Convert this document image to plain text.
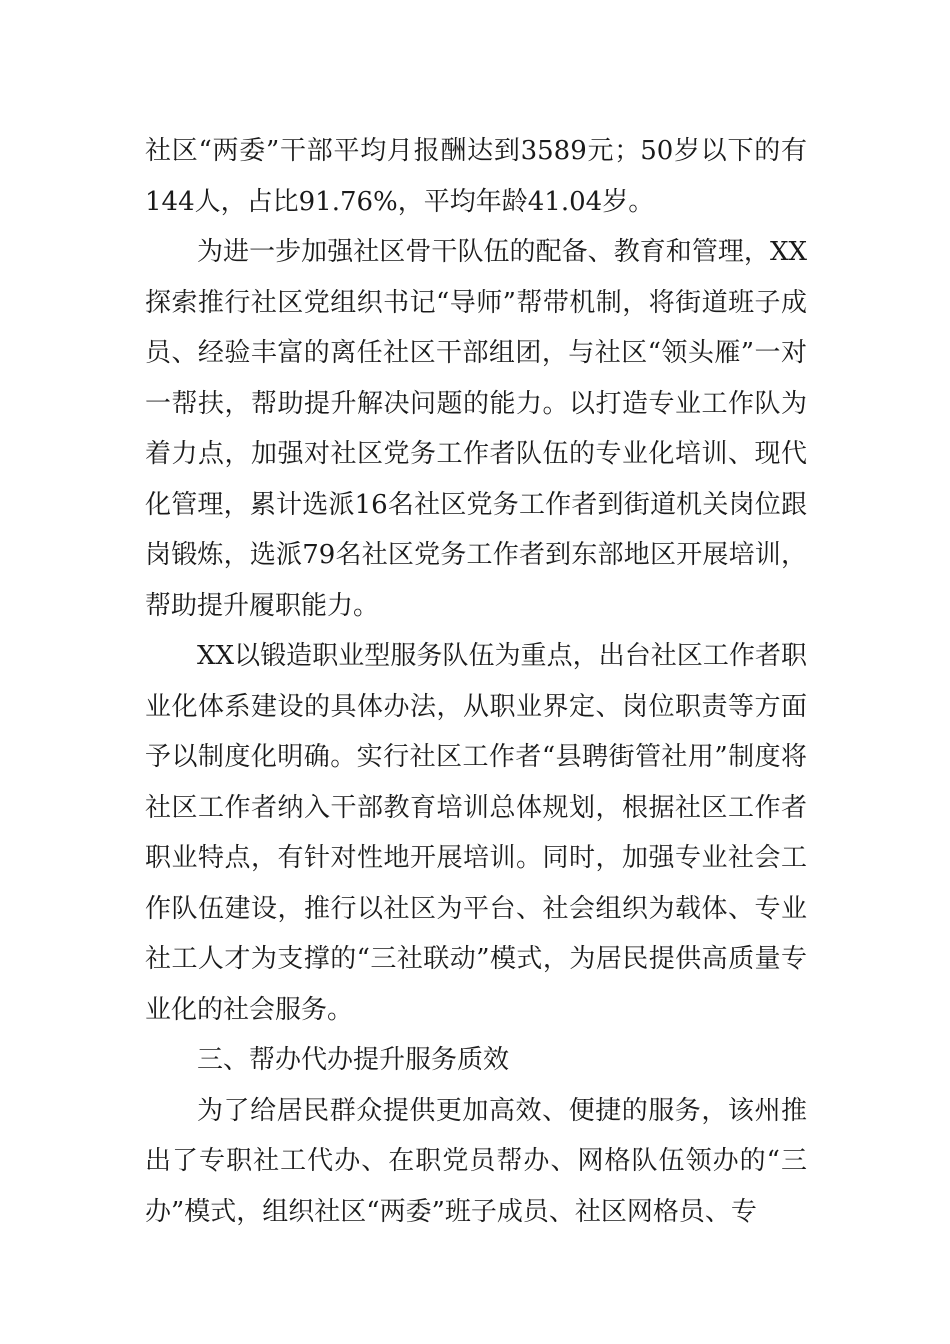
社区“两委”干部平均月报酬达到3589元；50岁以下的有144人，占比91.76%，平均年龄41.04岁。

为进一步加强社区骨干队伍的配备、教育和管理，XX探索推行社区党组织书记“导师”帮带机制，将街道班子成员、经验丰富的离任社区干部组团，与社区“领头雁”一对一帮扶，帮助提升解决问题的能力。以打造专业工作队为着力点，加强对社区党务工作者队伍的专业化培训、现代化管理，累计选派16名社区党务工作者到街道机关岗位跟岗锻炼，选派79名社区党务工作者到东部地区开展培训，帮助提升履职能力。

XX以锻造职业型服务队伍为重点，出台社区工作者职业化体系建设的具体办法，从职业界定、岗位职责等方面予以制度化明确。实行社区工作者“县聘街管社用”制度将社区工作者纳入干部教育培训总体规划，根据社区工作者职业特点，有针对性地开展培训。同时，加强专业社会工作队伍建设，推行以社区为平台、社会组织为载体、专业社工人才为支撑的“三社联动”模式，为居民提供高质量专业化的社会服务。

三、帮办代办提升服务质效

为了给居民群众提供更加高效、便捷的服务，该州推出了专职社工代办、在职党员帮办、网格队伍领办的“三办”模式，组织社区“两委”班子成员、社区网格员、专
